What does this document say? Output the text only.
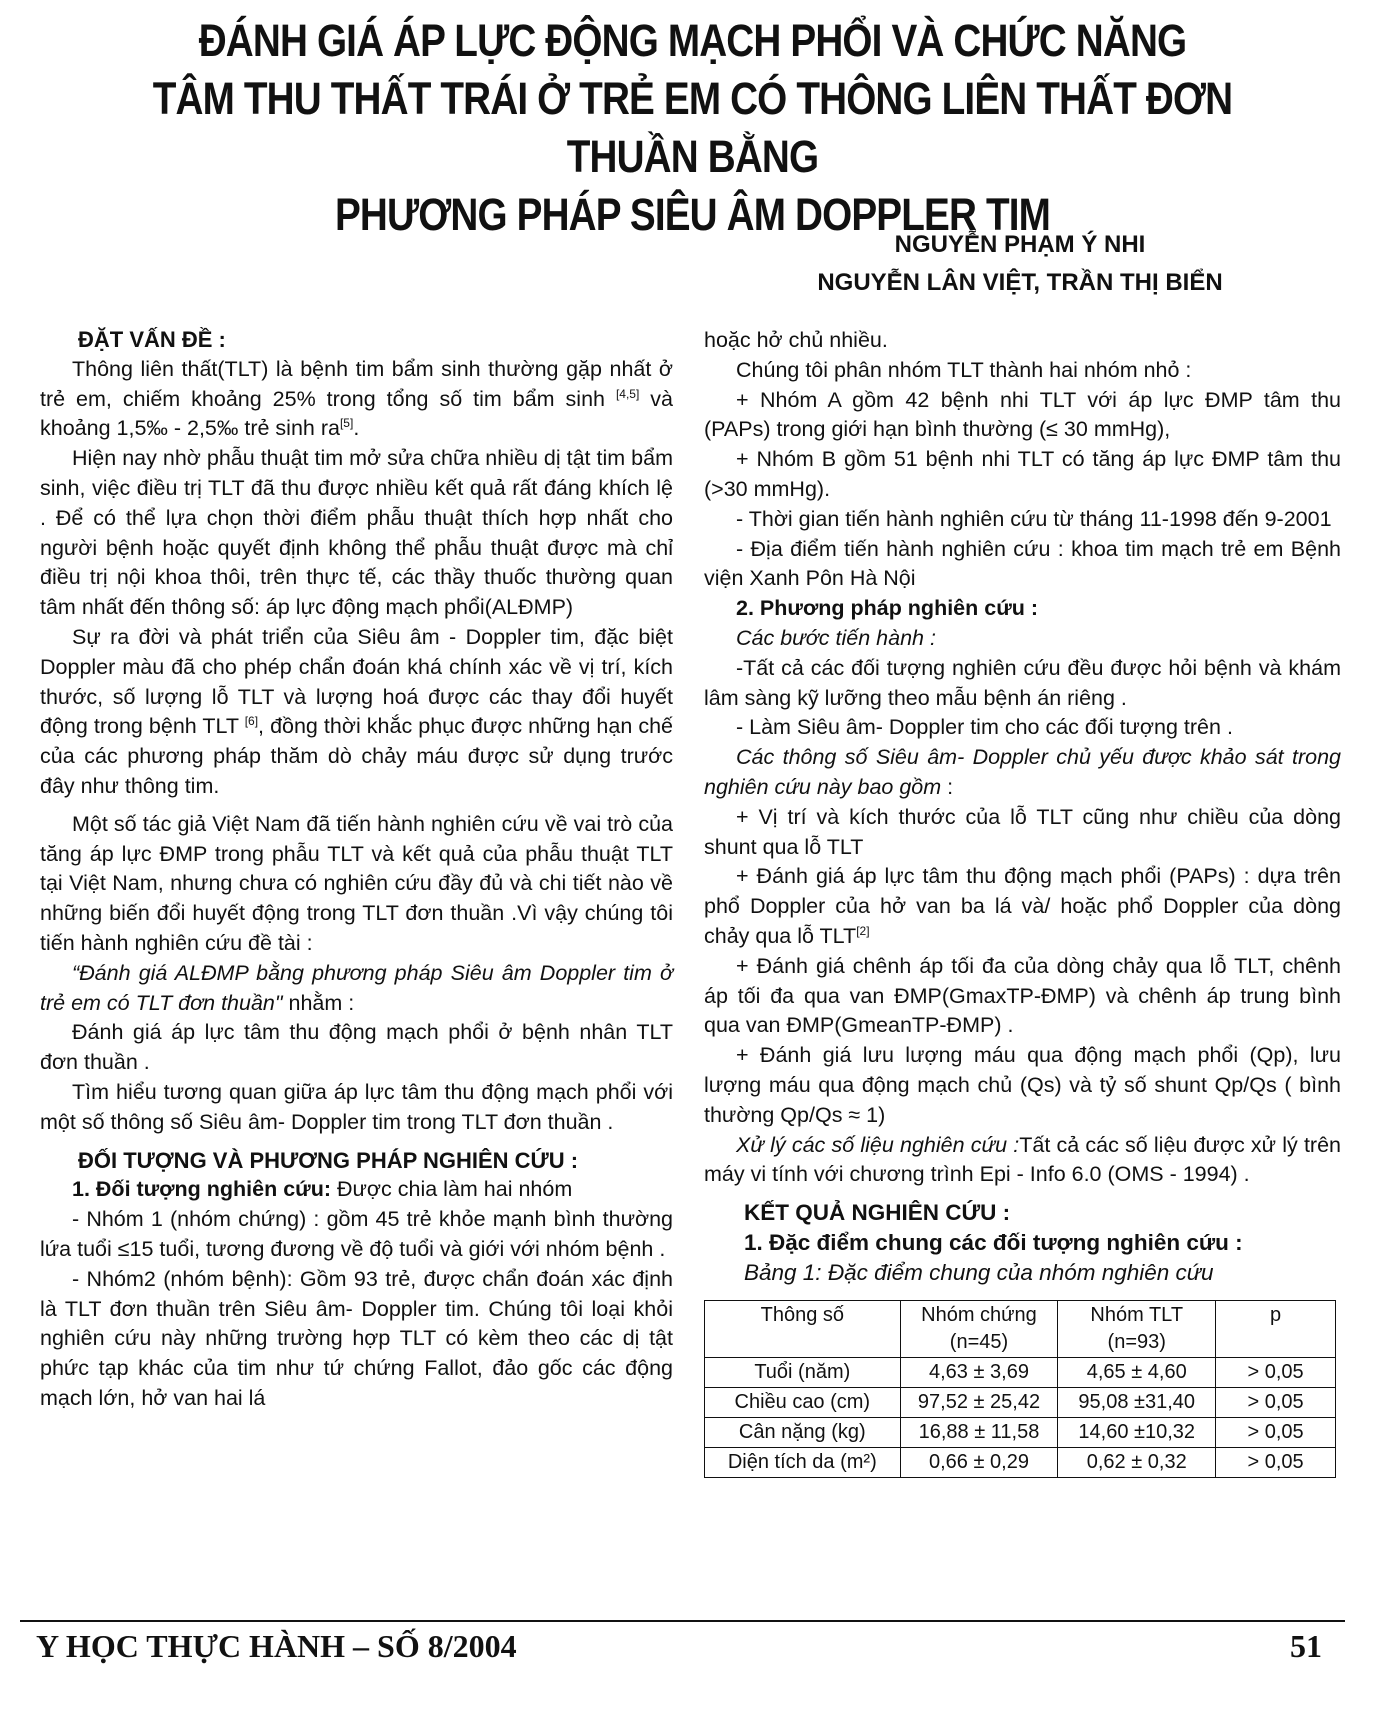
ĐÁNH GIÁ ÁP LỰC ĐỘNG MẠCH PHỔI VÀ CHỨC NĂNG
TÂM THU THẤT TRÁI Ở TRẺ EM CÓ THÔNG LIÊN THẤT ĐƠN THUẦN BẰNG
PHƯƠNG PHÁP SIÊU ÂM DOPPLER TIM
NGUYỄN PHẠM Ý NHI
NGUYỄN LÂN VIỆT, TRẦN THỊ BIỂN

ĐẶT VẤN ĐỀ :

Thông liên thất(TLT) là bệnh tim bẩm sinh thường gặp nhất ở trẻ em, chiếm khoảng 25% trong tổng số tim bẩm sinh [4,5] và khoảng 1,5‰ - 2,5‰ trẻ sinh ra[5].

Hiện nay nhờ phẫu thuật tim mở sửa chữa nhiều dị tật tim bẩm sinh, việc điều trị TLT đã thu được nhiều kết quả rất đáng khích lệ . Để có thể lựa chọn thời điểm phẫu thuật thích hợp nhất cho người bệnh hoặc quyết định không thể phẫu thuật được mà chỉ điều trị nội khoa thôi, trên thực tế, các thầy thuốc thường quan tâm nhất đến thông số: áp lực động mạch phổi(ALĐMP)

Sự ra đời và phát triển của Siêu âm - Doppler tim, đặc biệt Doppler màu đã cho phép chẩn đoán khá chính xác về vị trí, kích thước, số lượng lỗ TLT và lượng hoá được các thay đổi huyết động trong bệnh TLT [6], đồng thời khắc phục được những hạn chế của các phương pháp thăm dò chảy máu được sử dụng trước đây như thông tim.

Một số tác giả Việt Nam đã tiến hành nghiên cứu về vai trò của tăng áp lực ĐMP trong phẫu TLT và kết quả của phẫu thuật TLT tại Việt Nam, nhưng chưa có nghiên cứu đầy đủ và chi tiết nào về những biến đổi huyết động trong TLT đơn thuần .Vì vậy chúng tôi tiến hành nghiên cứu đề tài :

“Đánh giá ALĐMP bằng phương pháp Siêu âm Doppler tim ở trẻ em có TLT đơn thuần" nhằm :

Đánh giá áp lực tâm thu động mạch phổi ở bệnh nhân TLT đơn thuần .

Tìm hiểu tương quan giữa áp lực tâm thu động mạch phổi với một số thông số Siêu âm- Doppler tim trong TLT đơn thuần .

ĐỐI TƯỢNG VÀ PHƯƠNG PHÁP NGHIÊN CỨU :

1. Đối tượng nghiên cứu: Được chia làm hai nhóm

- Nhóm 1 (nhóm chứng) : gồm 45 trẻ khỏe mạnh bình thường lứa tuổi ≤15 tuổi, tương đương về độ tuổi và giới với nhóm bệnh .

- Nhóm2 (nhóm bệnh): Gồm 93 trẻ, được chẩn đoán xác định là TLT đơn thuần trên Siêu âm- Doppler tim. Chúng tôi loại khỏi nghiên cứu này những trường hợp TLT có kèm theo các dị tật phức tạp khác của tim như tứ chứng Fallot, đảo gốc các động mạch lớn, hở van hai lá

hoặc hở chủ nhiều.

Chúng tôi phân nhóm TLT thành hai nhóm nhỏ :

+ Nhóm A gồm 42 bệnh nhi TLT với áp lực ĐMP tâm thu (PAPs) trong giới hạn bình thường (≤ 30 mmHg),

+ Nhóm B gồm 51 bệnh nhi TLT có tăng áp lực ĐMP tâm thu (>30 mmHg).

- Thời gian tiến hành nghiên cứu từ tháng 11-1998 đến 9-2001

- Địa điểm tiến hành nghiên cứu : khoa tim mạch trẻ em Bệnh viện Xanh Pôn Hà Nội

2. Phương pháp nghiên cứu :

Các bước tiến hành :

-Tất cả các đối tượng nghiên cứu đều được hỏi bệnh và khám lâm sàng kỹ lưỡng theo mẫu bệnh án riêng .

- Làm Siêu âm- Doppler tim cho các đối tượng trên .

Các thông số Siêu âm- Doppler chủ yếu được khảo sát trong nghiên cứu này bao gồm :

+ Vị trí và kích thước của lỗ TLT cũng như chiều của dòng shunt qua lỗ TLT

+ Đánh giá áp lực tâm thu động mạch phổi (PAPs) : dựa trên phổ Doppler của hở van ba lá và/ hoặc phổ Doppler của dòng chảy qua lỗ TLT[2]

+ Đánh giá chênh áp tối đa của dòng chảy qua lỗ TLT, chênh áp tối đa qua van ĐMP(GmaxTP-ĐMP) và chênh áp trung bình qua van ĐMP(GmeanTP-ĐMP) .

+ Đánh giá lưu lượng máu qua động mạch phổi (Qp), lưu lượng máu qua động mạch chủ (Qs) và tỷ số shunt Qp/Qs ( bình thường Qp/Qs ≈ 1)

Xử lý các số liệu nghiên cứu :Tất cả các số liệu được xử lý trên máy vi tính với chương trình Epi - Info 6.0 (OMS - 1994) .

KẾT QUẢ NGHIÊN CỨU :

1. Đặc điểm chung các đối tượng nghiên cứu :

Bảng 1: Đặc điểm chung của nhóm nghiên cứu

Thông số	Nhóm chứng (n=45)	Nhóm TLT (n=93)	p
Tuổi (năm)	4,63 ± 3,69	4,65 ± 4,60	> 0,05
Chiều cao (cm)	97,52 ± 25,42	95,08 ±31,40	> 0,05
Cân nặng (kg)	16,88 ± 11,58	14,60 ±10,32	> 0,05
Diện tích da (m²)	0,66 ± 0,29	0,62 ± 0,32	> 0,05
Y HỌC THỰC HÀNH – SỐ 8/2004	51
